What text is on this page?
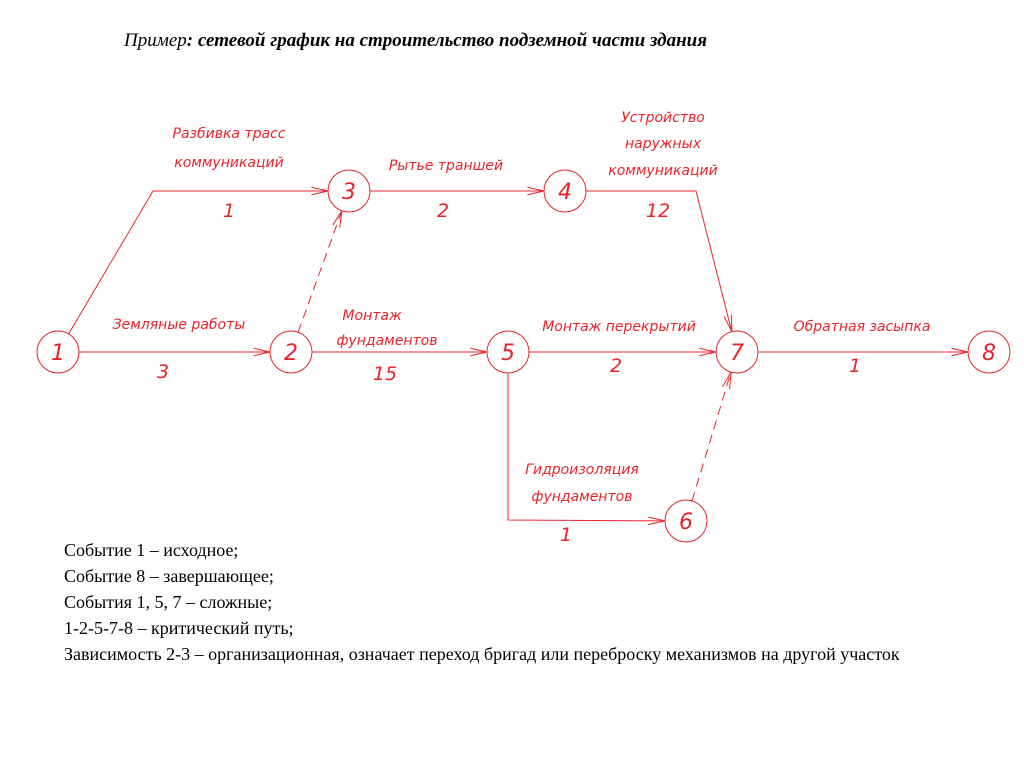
Пример: сетевой график на строительство подземной части здания
1	2
3	4
5
6
7	8
Разбивка трасс
коммуникаций
1
Земляные работы
3
Рытье траншей
2
Монтаж
фундаментов
15
Устройство
наружных
коммуникаций
12
Монтаж перекрытий
2
Гидроизоляция
фундаментов
1
Обратная засыпка
1
Событие 1 – исходное;
Событие 8 – завершающее;
События 1, 5, 7 – сложные;
1-2-5-7-8 – критический путь;
Зависимость 2-3 – организационная, означает переход бригад или переброску механизмов на другой участок
